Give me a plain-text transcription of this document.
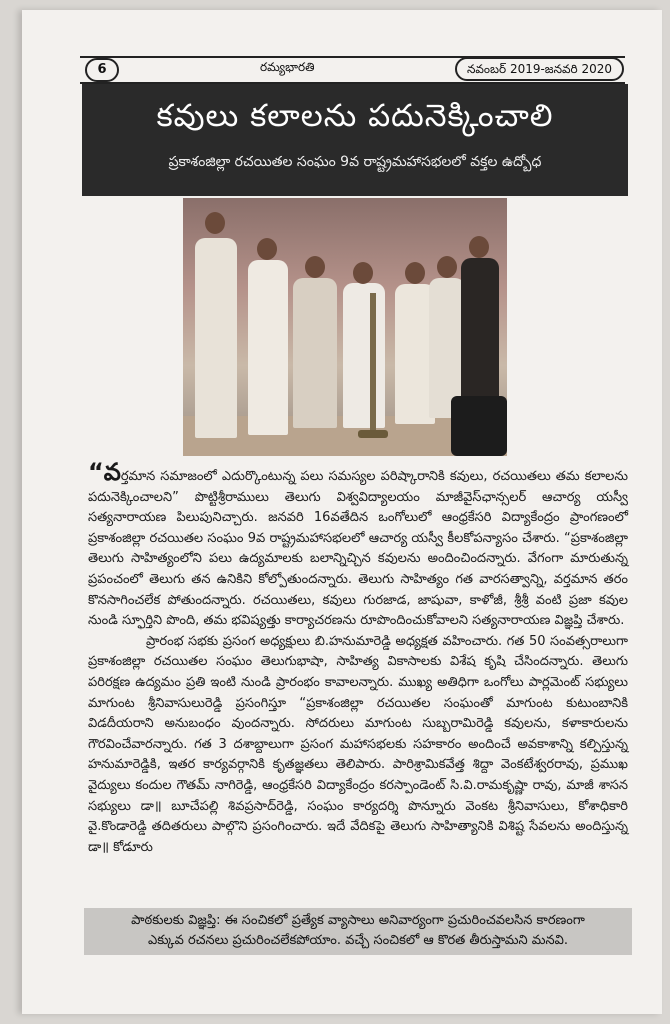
6	రమ్యభారతి	నవంబర్ 2019-జనవరి 2020
కవులు కలాలను పదునెక్కించాలి
ప్రకాశంజిల్లా రచయితల సంఘం 9వ రాష్ట్రమహాసభలలో వక్తల ఉద్బోధ

“వర్తమాన సమాజంలో ఎదుర్కొంటున్న పలు సమస్యల పరిష్కారానికి కవులు, రచయితలు తమ కలాలను పదునెక్కించాలని” పొట్టిశ్రీరాములు తెలుగు విశ్వవిద్యాలయం మాజీవైస్‌ఛాన్సలర్ ఆచార్య యస్వీ సత్యనారాయణ పిలుపునిచ్చారు. జనవరి 16వతేదిన ఒంగోలులో ఆంధ్రకేసరి విద్యాకేంద్రం ప్రాంగణంలో ప్రకాశంజిల్లా రచయితల సంఘం 9వ రాష్ట్రమహాసభలలో ఆచార్య యస్వీ కీలకోపన్యాసం చేశారు. “ప్రకాశంజిల్లా తెలుగు సాహిత్యంలోని పలు ఉద్యమాలకు బలాన్నిచ్చిన కవులను అందించిందన్నారు. వేగంగా మారుతున్న ప్రపంచంలో తెలుగు తన ఉనికిని కోల్పోతుందన్నారు. తెలుగు సాహిత్యం గత వారసత్వాన్ని, వర్తమాన తరం కొనసాగించలేక పోతుందన్నారు. రచయితలు, కవులు గురజాడ, జాషువా, కాళోజీ, శ్రీశ్రీ వంటి ప్రజా కవుల నుండి స్ఫూర్తిని పొంది, తమ భవిష్యత్తు కార్యాచరణను రూపొందించుకోవాలని సత్యనారాయణ విజ్ఞప్తి చేశారు.

ప్రారంభ సభకు ప్రసంగ అధ్యక్షులు బి.హనుమారెడ్డి అధ్యక్షత వహించారు. గత 50 సంవత్సరాలుగా ప్రకాశంజిల్లా రచయితల సంఘం తెలుగుభాషా, సాహిత్య వికాసాలకు విశేష కృషి చేసిందన్నారు. తెలుగు పరిరక్షణ ఉద్యమం ప్రతి ఇంటి నుండి ప్రారంభం కావాలన్నారు. ముఖ్య అతిధిగా ఒంగోలు పార్లమెంట్ సభ్యులు మాగుంట శ్రీనివాసులురెడ్డి ప్రసంగిస్తూ “ప్రకాశంజిల్లా రచయితల సంఘంతో మాగుంట కుటుంబానికి విడదీయరాని అనుబంధం వుందన్నారు. సోదరులు మాగుంట సుబ్బరామిరెడ్డి కవులను, కళాకారులను గౌరవించేవారన్నారు. గత 3 దశాబ్దాలుగా ప్రసంగ మహాసభలకు సహకారం అందించే అవకాశాన్ని కల్పిస్తున్న హనుమారెడ్డికి, ఇతర కార్యవర్గానికి కృతజ్ఞతలు తెలిపారు. పారిశ్రామికవేత్త శిద్దా వెంకటేశ్వరరావు, ప్రముఖ వైద్యులు కందుల గౌతమ్ నాగిరెడ్డి, ఆంధ్రకేసరి విద్యాకేంద్రం కరస్పాండెంట్ సి.వి.రామకృష్ణా రావు, మాజీ శాసన సభ్యులు డా॥ బూచేపల్లి శివప్రసాద్‌రెడ్డి, సంఘం కార్యదర్శి పొన్నూరు వెంకట శ్రీనివాసులు, కోశాధికారి వై.కొండారెడ్డి తదితరులు పాల్గొని ప్రసంగించారు. ఇదే వేదికపై తెలుగు సాహిత్యానికి విశిష్ట సేవలను అందిస్తున్న డా॥ కోడూరు

పాఠకులకు విజ్ఞప్తి: ఈ సంచికలో ప్రత్యేక వ్యాసాలు అనివార్యంగా ప్రచురించవలసిన కారణంగా
ఎక్కువ రచనలు ప్రచురించలేకపోయాం. వచ్చే సంచికలో ఆ కొరత తీరుస్తామని మనవి.
